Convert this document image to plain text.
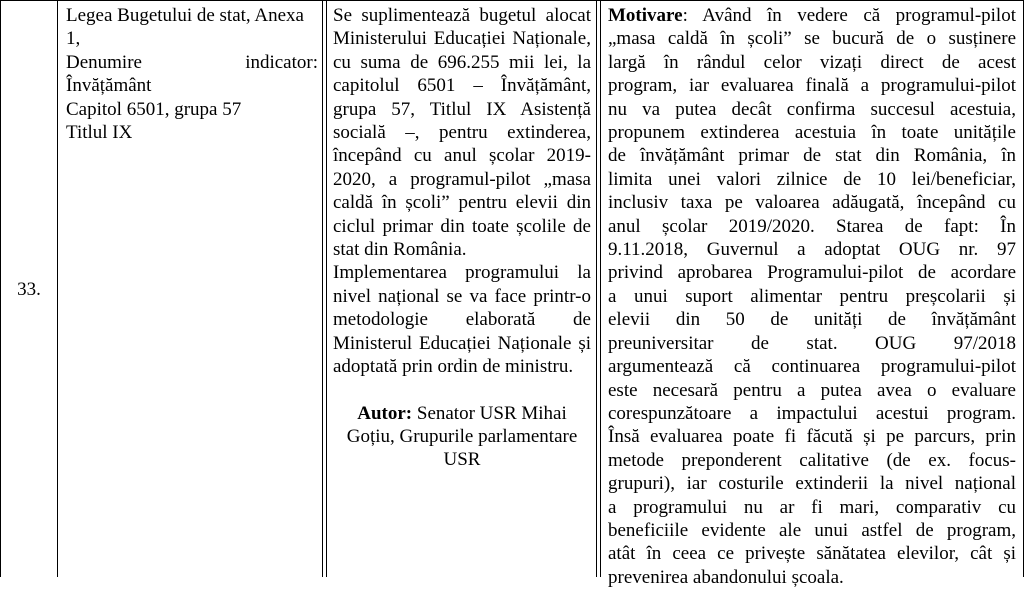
33.

Legea Bugetului de stat, Anexa

1,

Denumire	indicator:

Învățământ

Capitol 6501, grupa 57

Titlul IX

Se suplimentează bugetul alocat

Ministerului Educației Naționale,

cu suma de 696.255 mii lei, la

capitolul 6501 – Învățământ,

grupa 57, Titlul IX Asistență

socială –, pentru extinderea,

începând cu anul școlar 2019-

2020, a programul-pilot „masa

caldă în școli” pentru elevii din

ciclul primar din toate școlile de

stat din România.

Implementarea programului la

nivel național se va face printr-o

metodologie elaborată de

Ministerul Educației Naționale și

adoptată prin ordin de ministru.

Autor: Senator USR Mihai

Goțiu, Grupurile parlamentare

USR

Motivare: Având în vedere că programul-pilot

„masa caldă în școli” se bucură de o susținere

largă în rândul celor vizați direct de acest

program, iar evaluarea finală a programului-pilot

nu va putea decât confirma succesul acestuia,

propunem extinderea acestuia în toate unitățile

de învățământ primar de stat din România, în

limita unei valori zilnice de 10 lei/beneficiar,

inclusiv taxa pe valoarea adăugată, începând cu

anul școlar 2019/2020. Starea de fapt: În

9.11.2018, Guvernul a adoptat OUG nr. 97

privind aprobarea Programului-pilot de acordare

a unui suport alimentar pentru preșcolarii și

elevii din 50 de unități de învățământ

preuniversitar de stat. OUG 97/2018

argumentează că continuarea programului-pilot

este necesară pentru a putea avea o evaluare

corespunzătoare a impactului acestui program.

Însă evaluarea poate fi făcută și pe parcurs, prin

metode preponderent calitative (de ex. focus-

grupuri), iar costurile extinderii la nivel național

a programului nu ar fi mari, comparativ cu

beneficiile evidente ale unui astfel de program,

atât în ceea ce privește sănătatea elevilor, cât și

prevenirea abandonului școala.
